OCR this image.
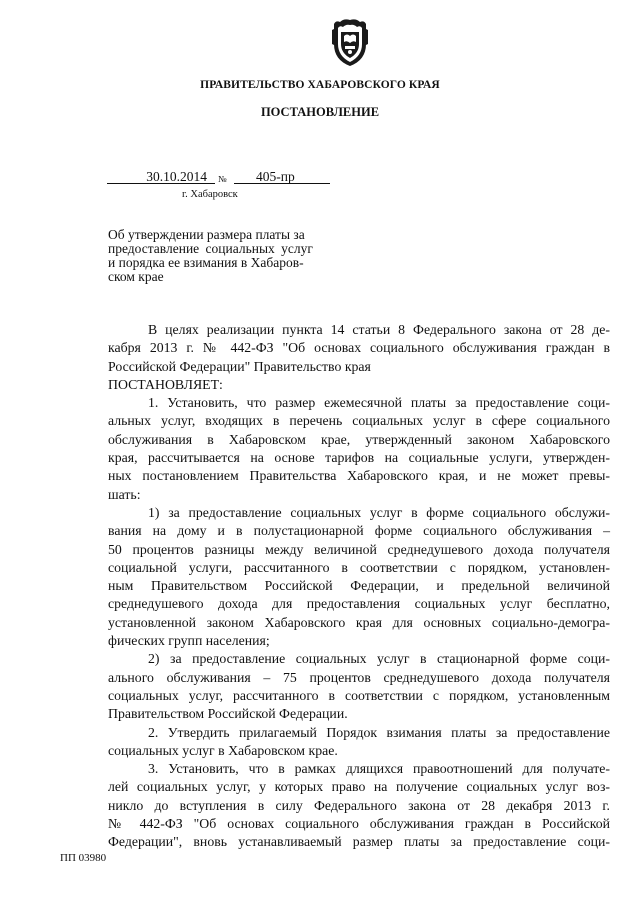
ПРАВИТЕЛЬСТВО ХАБАРОВСКОГО КРАЯ
ПОСТАНОВЛЕНИЕ
30.10.2014	№	405-пр
г. Хабаровск
Об утверждении размера платы за
предоставление социальных услуг
и порядка ее взимания в Хабаров-
ском крае
В целях реализации пункта 14 статьи 8 Федерального закона от 28 де-
кабря 2013 г. № 442-ФЗ "Об основах социального обслуживания граждан в
Российской Федерации" Правительство края
ПОСТАНОВЛЯЕТ:
1. Установить, что размер ежемесячной платы за предоставление соци-
альных услуг, входящих в перечень социальных услуг в сфере социального
обслуживания в Хабаровском крае, утвержденный законом Хабаровского
края, рассчитывается на основе тарифов на социальные услуги, утвержден-
ных постановлением Правительства Хабаровского края, и не может превы-
шать:
1) за предоставление социальных услуг в форме социального обслужи-
вания на дому и в полустационарной форме социального обслуживания –
50 процентов разницы между величиной среднедушевого дохода получателя
социальной услуги, рассчитанного в соответствии с порядком, установлен-
ным Правительством Российской Федерации, и предельной величиной
среднедушевого дохода для предоставления социальных услуг бесплатно,
установленной законом Хабаровского края для основных социально-демогра-
фических групп населения;
2) за предоставление социальных услуг в стационарной форме соци-
ального обслуживания – 75 процентов среднедушевого дохода получателя
социальных услуг, рассчитанного в соответствии с порядком, установленным
Правительством Российской Федерации.
2. Утвердить прилагаемый Порядок взимания платы за предоставление
социальных услуг в Хабаровском крае.
3. Установить, что в рамках длящихся правоотношений для получате-
лей социальных услуг, у которых право на получение социальных услуг воз-
никло до вступления в силу Федерального закона от 28 декабря 2013 г.
№ 442-ФЗ "Об основах социального обслуживания граждан в Российской
Федерации", вновь устанавливаемый размер платы за предоставление соци-
ПП 03980
